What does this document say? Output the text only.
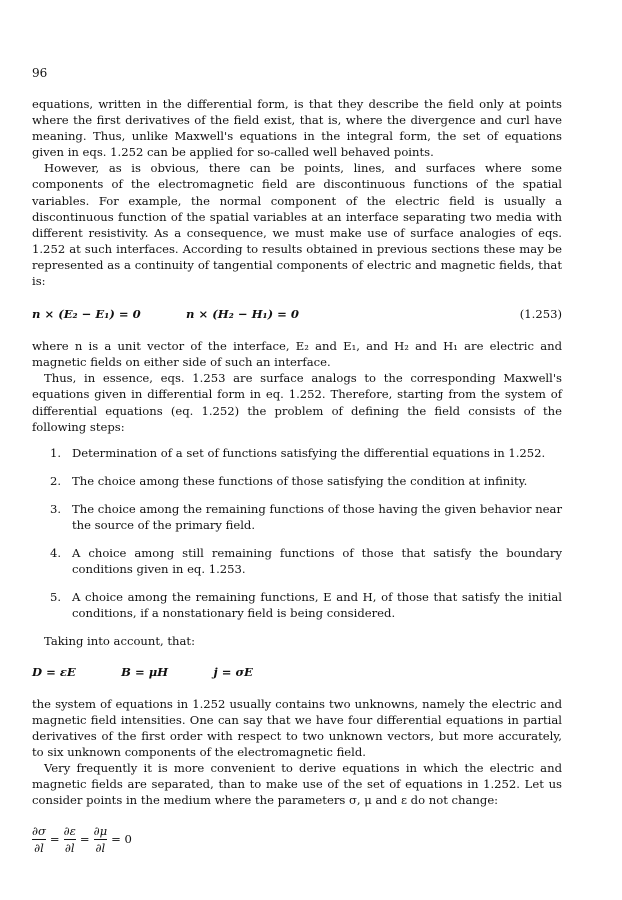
96

equations, written in the differential form, is that they describe the field only at points where the first derivatives of the field exist, that is, where the divergence and curl have meaning. Thus, unlike Maxwell's equations in the integral form, the set of equations given in eqs. 1.252 can be applied for so-called well behaved points.

However, as is obvious, there can be points, lines, and surfaces where some components of the electromagnetic field are discontinuous functions of the spatial variables. For example, the normal component of the electric field is usually a discontinuous function of the spatial variables at an interface separating two media with different resistivity. As a consequence, we must make use of surface analogies of eqs. 1.252 at such interfaces. According to results obtained in previous sections these may be represented as a continuity of tangential components of electric and magnetic fields, that is:

n × (E₂ − E₁) = 0	n × (H₂ − H₁) = 0	(1.253)

where n is a unit vector of the interface, E₂ and E₁, and H₂ and H₁ are electric and magnetic fields on either side of such an interface.

Thus, in essence, eqs. 1.253 are surface analogs to the corresponding Maxwell's equations given in differential form in eq. 1.252. Therefore, starting from the system of differential equations (eq. 1.252) the problem of defining the field consists of the following steps:

1. Determination of a set of functions satisfying the differential equations in 1.252.
2. The choice among these functions of those satisfying the condition at infinity.
3. The choice among the remaining functions of those having the given behavior near the source of the primary field.
4. A choice among still remaining functions of those that satisfy the boundary conditions given in eq. 1.253.
5. A choice among the remaining functions, E and H, of those that satisfy the initial conditions, if a nonstationary field is being considered.

Taking into account, that:

D = εE	B = μH	j = σE

the system of equations in 1.252 usually contains two unknowns, namely the electric and magnetic field intensities. One can say that we have four differential equations in partial derivatives of the first order with respect to two unknown vectors, but more accurately, to six unknown components of the electromagnetic field.

Very frequently it is more convenient to derive equations in which the electric and magnetic fields are separated, than to make use of the set of equations in 1.252. Let us consider points in the medium where the parameters σ, μ and ε do not change:

$\frac{\partial\sigma}{\partial l} = \frac{\partial\varepsilon}{\partial l} = \frac{\partial\mu}{\partial l} = 0$
